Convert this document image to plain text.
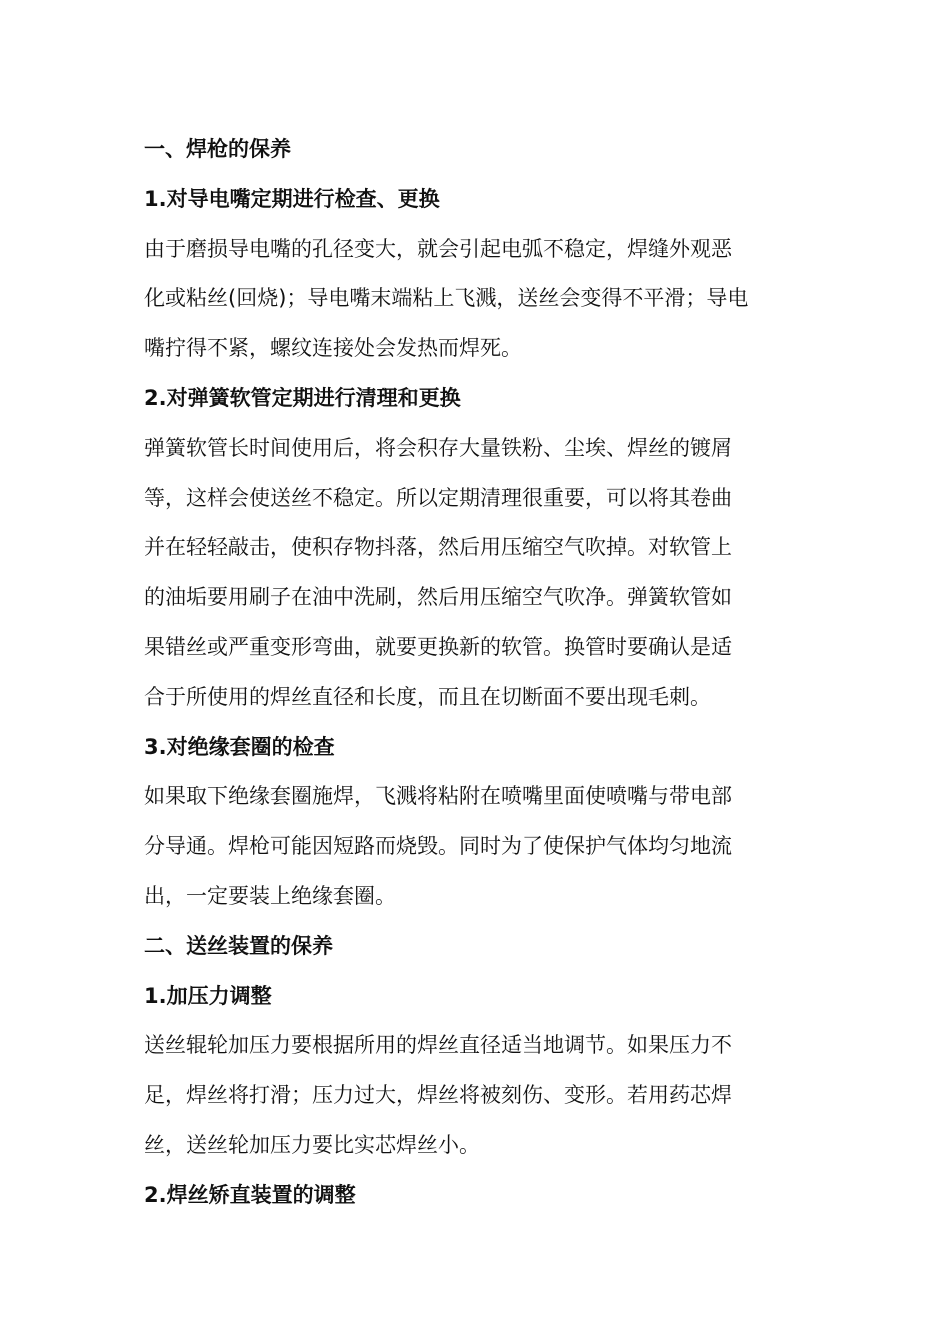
一、焊枪的保养
1.对导电嘴定期进行检查、更换
由于磨损导电嘴的孔径变大，就会引起电弧不稳定，焊缝外观恶
化或粘丝(回烧)；导电嘴末端粘上飞溅，送丝会变得不平滑；导电
嘴拧得不紧，螺纹连接处会发热而焊死。
2.对弹簧软管定期进行清理和更换
弹簧软管长时间使用后，将会积存大量铁粉、尘埃、焊丝的镀屑
等，这样会使送丝不稳定。所以定期清理很重要，可以将其卷曲
并在轻轻敲击，使积存物抖落，然后用压缩空气吹掉。对软管上
的油垢要用刷子在油中洗刷，然后用压缩空气吹净。弹簧软管如
果错丝或严重变形弯曲，就要更换新的软管。换管时要确认是适
合于所使用的焊丝直径和长度，而且在切断面不要出现毛刺。
3.对绝缘套圈的检查
如果取下绝缘套圈施焊，飞溅将粘附在喷嘴里面使喷嘴与带电部
分导通。焊枪可能因短路而烧毁。同时为了使保护气体均匀地流
出，一定要装上绝缘套圈。
二、送丝装置的保养
1.加压力调整
送丝辊轮加压力要根据所用的焊丝直径适当地调节。如果压力不
足，焊丝将打滑；压力过大，焊丝将被刻伤、变形。若用药芯焊
丝，送丝轮加压力要比实芯焊丝小。
2.焊丝矫直装置的调整
